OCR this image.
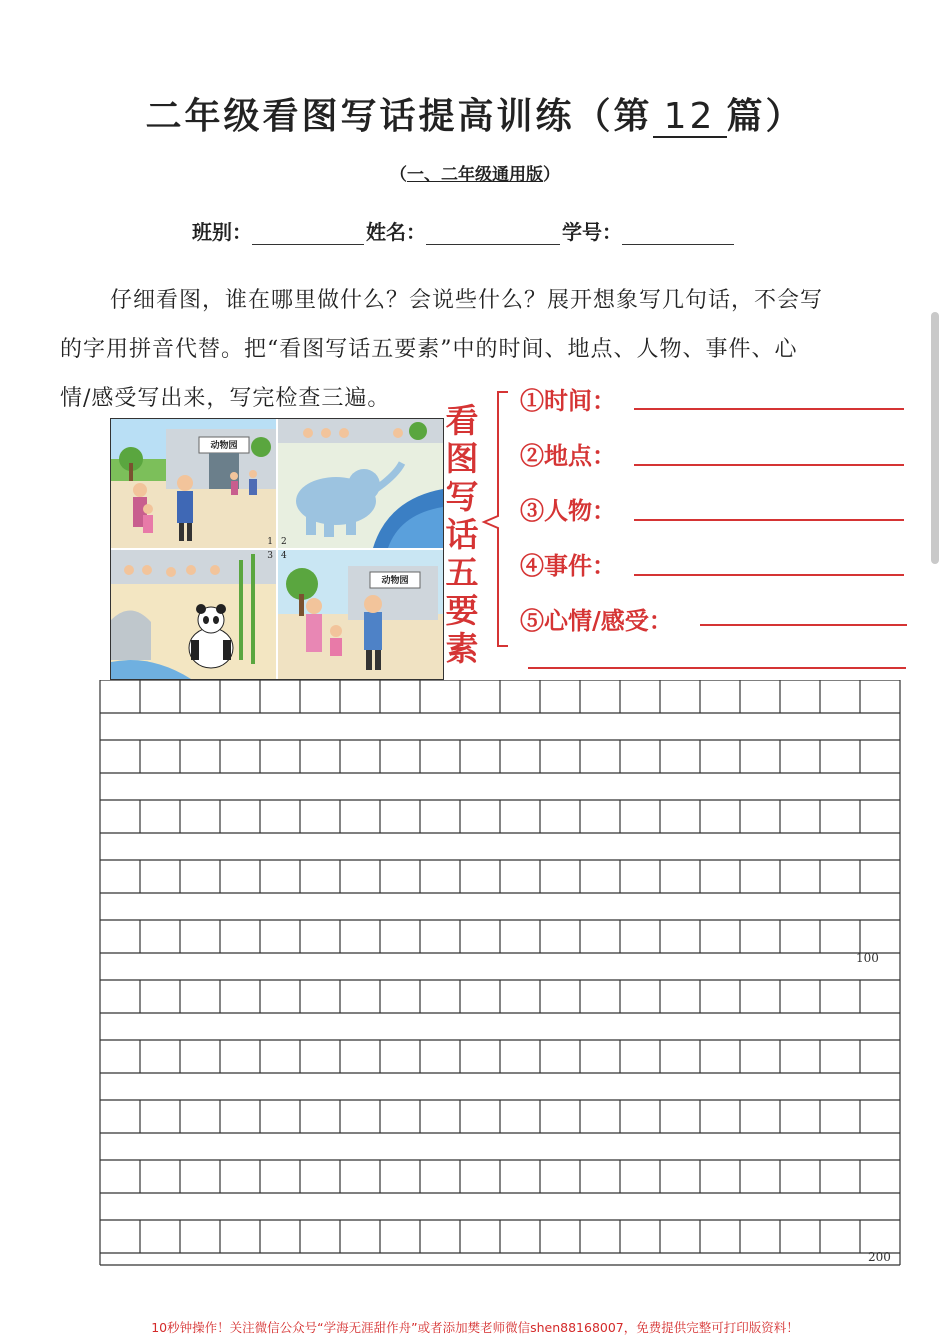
二年级看图写话提高训练（第 12 篇）
（一、二年级通用版）
班别：	姓名：	学号：
仔细看图，谁在哪里做什么？会说些什么？展开想象写几句话，不会写
的字用拼音代替。把“看图写话五要素”中的时间、地点、人物、事件、心
情/感受写出来，写完检查三遍。
动物园
1 2
3
动物园
4
看
图
写
话
五
要
素
①时间：
②地点：
③人物：
④事件：
⑤心情/感受：
100
200
10秒钟操作！关注微信公众号“学海无涯甜作舟”或者添加樊老师微信shen88168007，免费提供完整可打印版资料！
